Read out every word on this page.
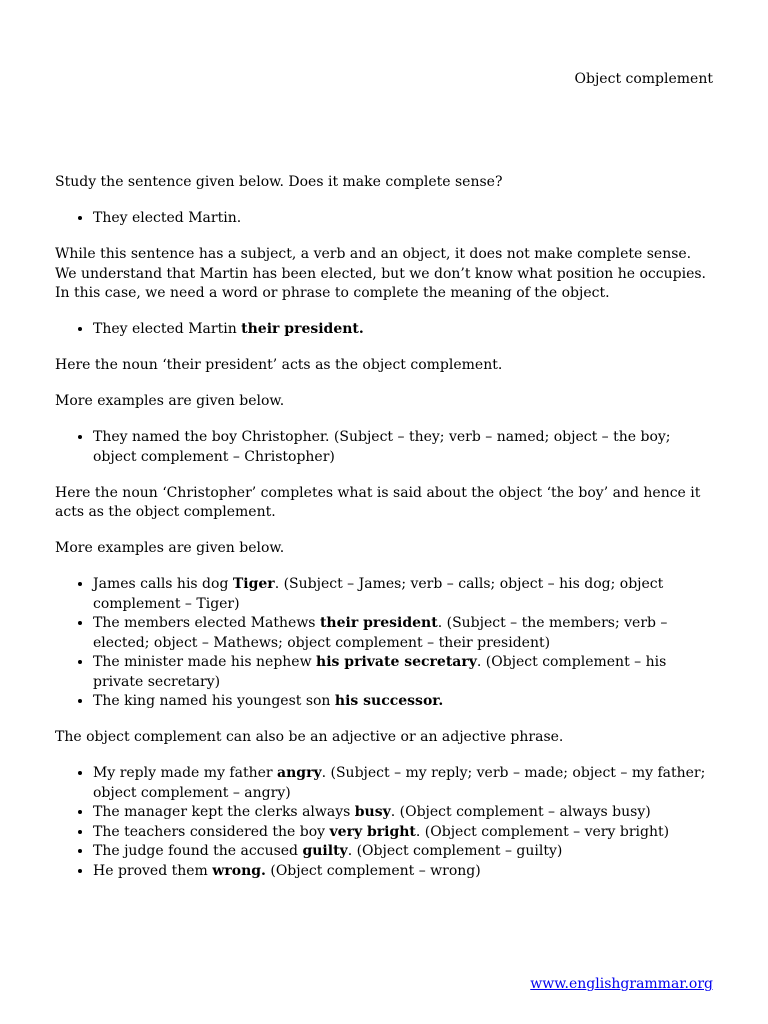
Object complement

Study the sentence given below. Does it make complete sense?

• They elected Martin.

While this sentence has a subject, a verb and an object, it does not make complete sense. We understand that Martin has been elected, but we don’t know what position he occupies. In this case, we need a word or phrase to complete the meaning of the object.

• They elected Martin their president.

Here the noun ‘their president’ acts as the object complement.

More examples are given below.

• They named the boy Christopher. (Subject – they; verb – named; object – the boy; object complement – Christopher)

Here the noun ‘Christopher’ completes what is said about the object ‘the boy’ and hence it acts as the object complement.

More examples are given below.

• James calls his dog Tiger. (Subject – James; verb – calls; object – his dog; object complement – Tiger)
• The members elected Mathews their president. (Subject – the members; verb – elected; object – Mathews; object complement – their president)
• The minister made his nephew his private secretary. (Object complement – his private secretary)
• The king named his youngest son his successor.

The object complement can also be an adjective or an adjective phrase.

• My reply made my father angry. (Subject – my reply; verb – made; object – my father; object complement – angry)
• The manager kept the clerks always busy. (Object complement – always busy)
• The teachers considered the boy very bright. (Object complement – very bright)
• The judge found the accused guilty. (Object complement – guilty)
• He proved them wrong. (Object complement – wrong)
www.englishgrammar.org
